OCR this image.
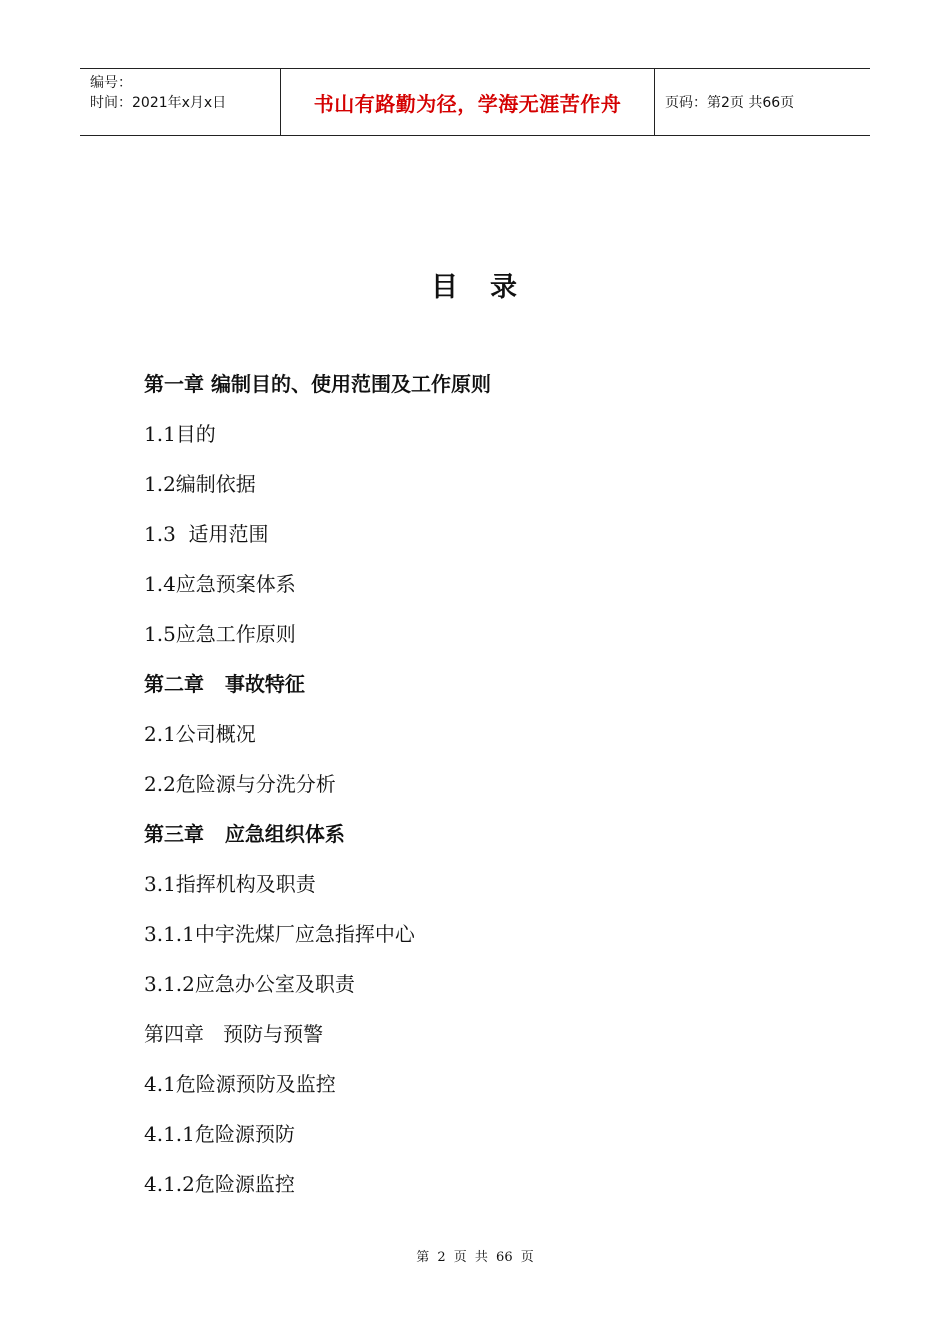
编号：
时间：2021年x月x日	书山有路勤为径，学海无涯苦作舟	页码：第2页 共66页
目 录
第一章 编制目的、使用范围及工作原则
1.1目的
1.2编制依据
1.3  适用范围
1.4应急预案体系
1.5应急工作原则
第二章   事故特征
2.1公司概况
2.2危险源与分洗分析
第三章   应急组织体系
3.1指挥机构及职责
3.1.1中宇洗煤厂应急指挥中心
3.1.2应急办公室及职责
第四章   预防与预警
4.1危险源预防及监控
4.1.1危险源预防
4.1.2危险源监控
第 2 页 共 66 页
